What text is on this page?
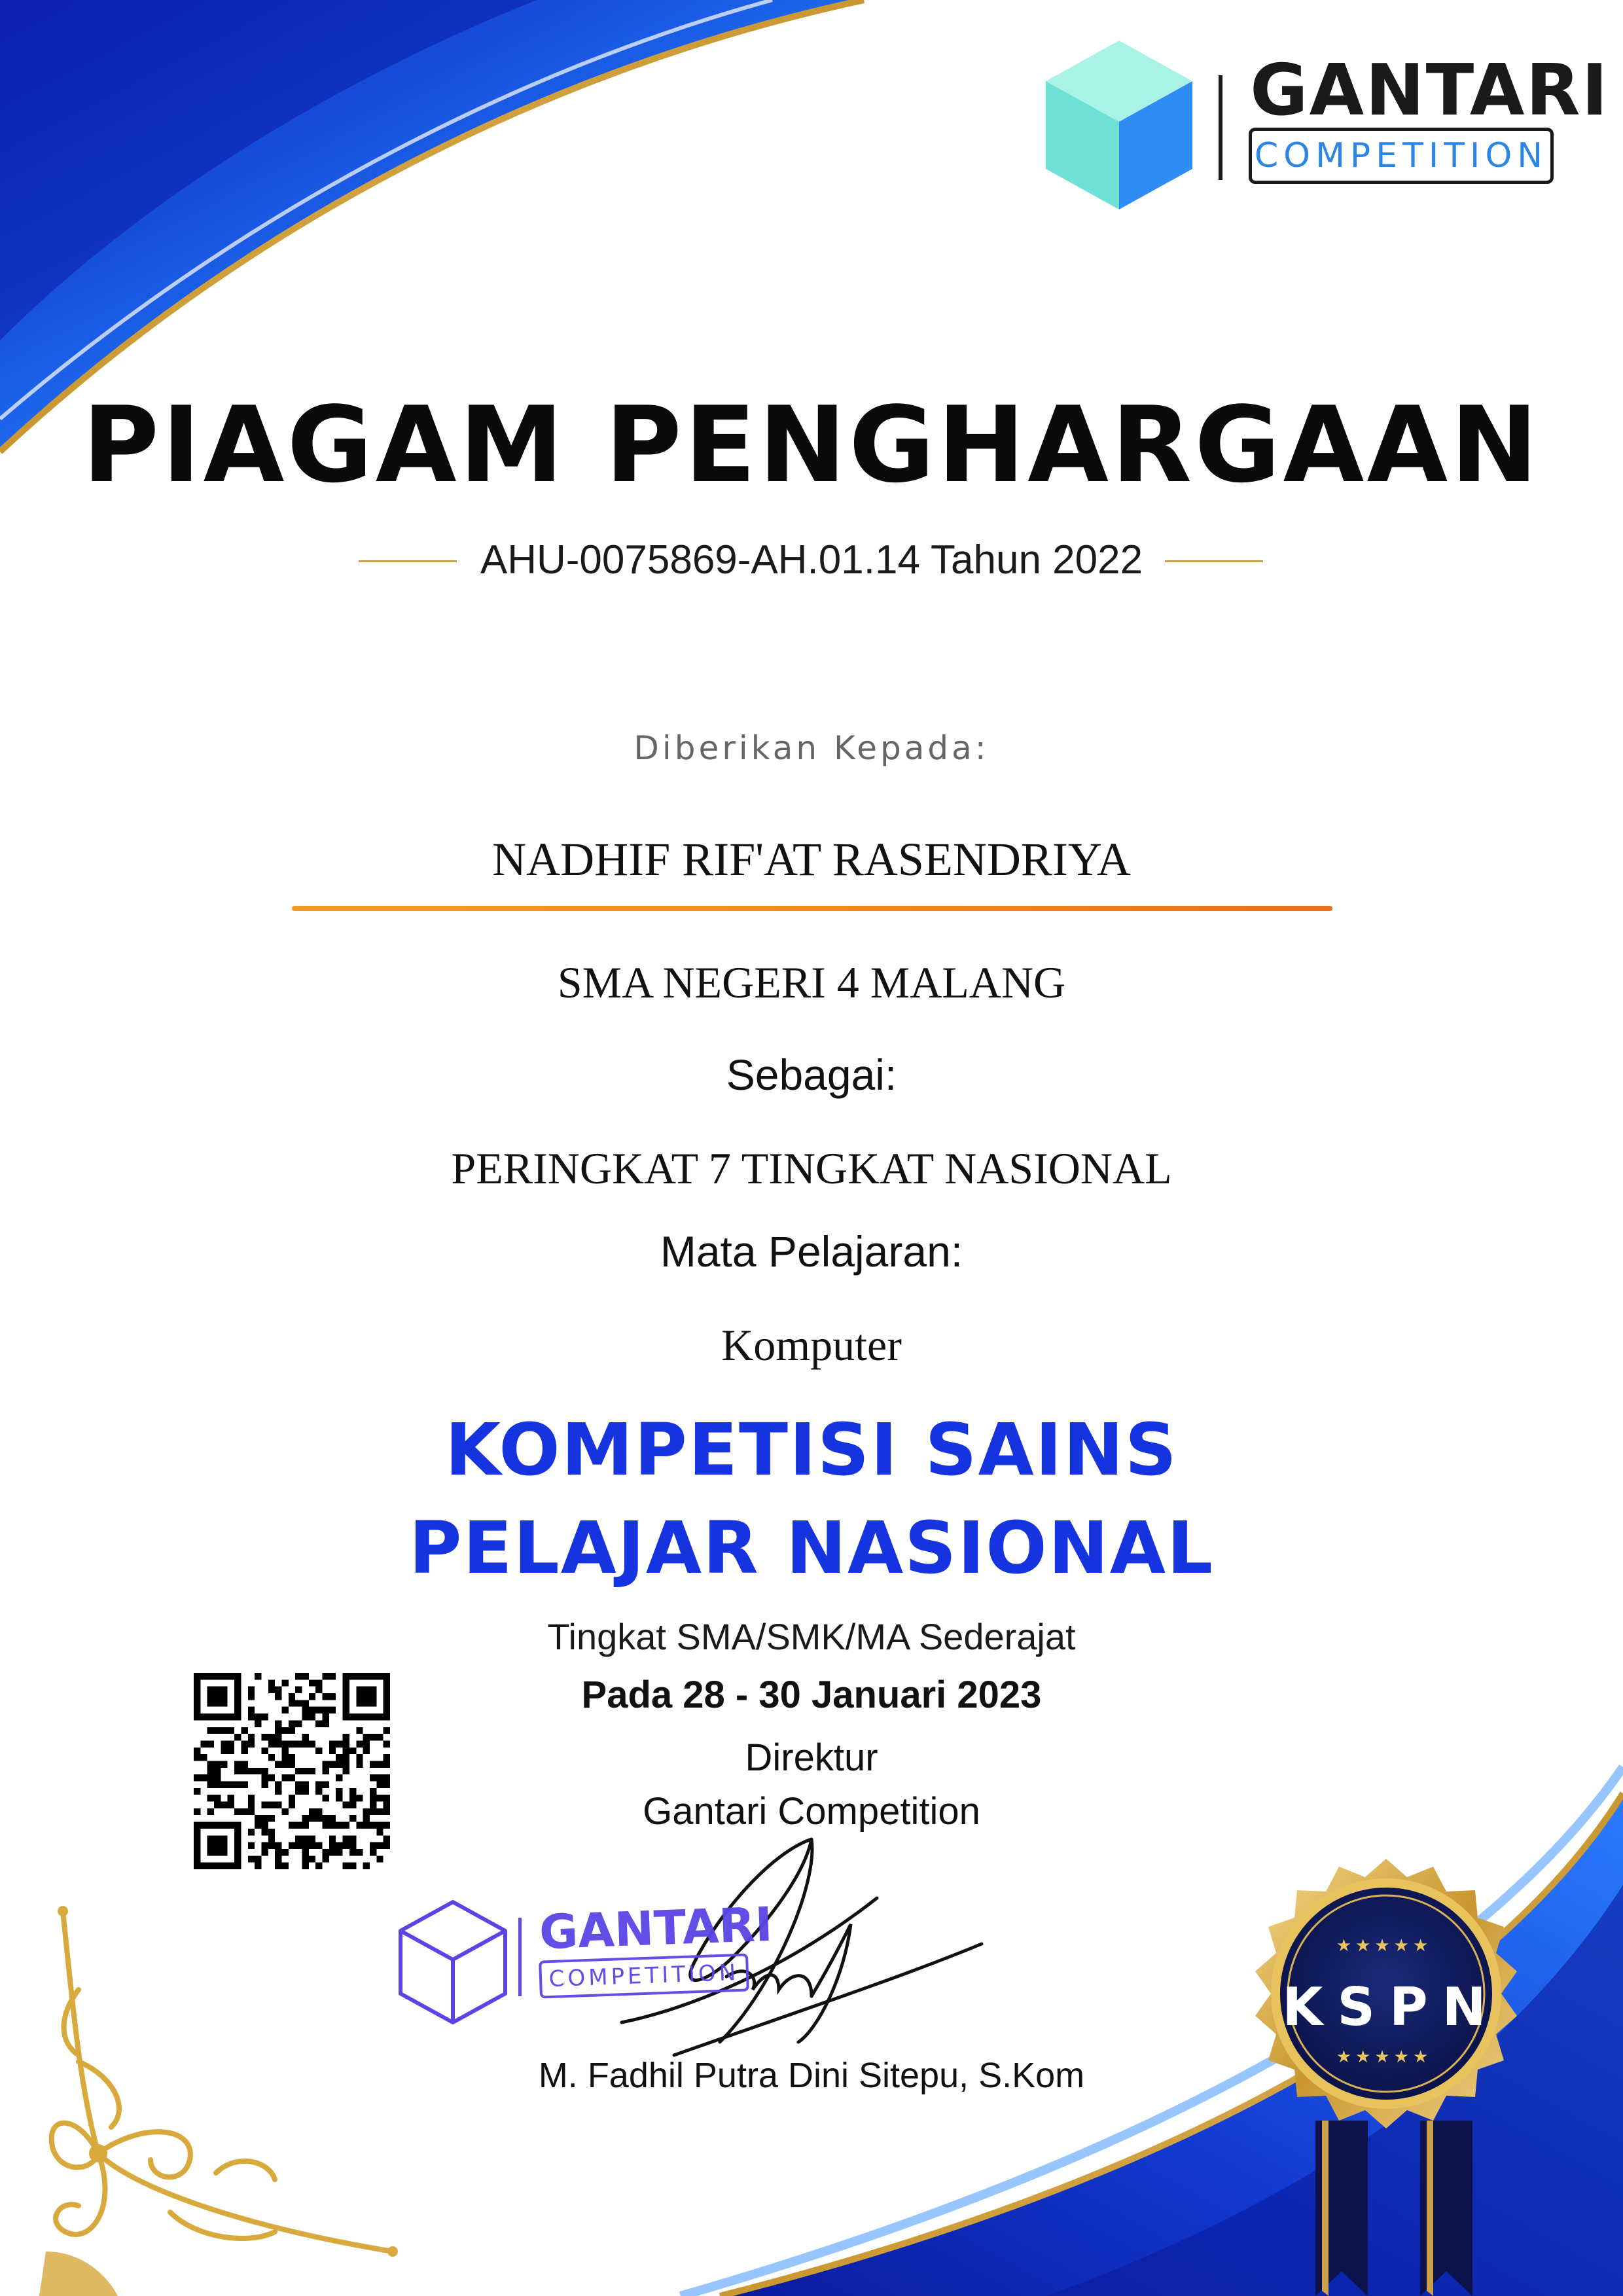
GANTARI
COMPETITION
PIAGAM PENGHARGAAN
AHU-0075869-AH.01.14 Tahun 2022
Diberikan Kepada:
NADHIF RIF'AT RASENDRIYA
SMA NEGERI 4 MALANG
Sebagai:
PERINGKAT 7 TINGKAT NASIONAL
Mata Pelajaran:
Komputer
KOMPETISI SAINS
PELAJAR NASIONAL
Tingkat SMA/SMK/MA Sederajat
Pada 28 - 30 Januari 2023
Direktur
Gantari Competition
GANTARI
COMPETITION
M. Fadhil Putra Dini Sitepu, S.Kom
★★★★★
KSPN
★★★★★
